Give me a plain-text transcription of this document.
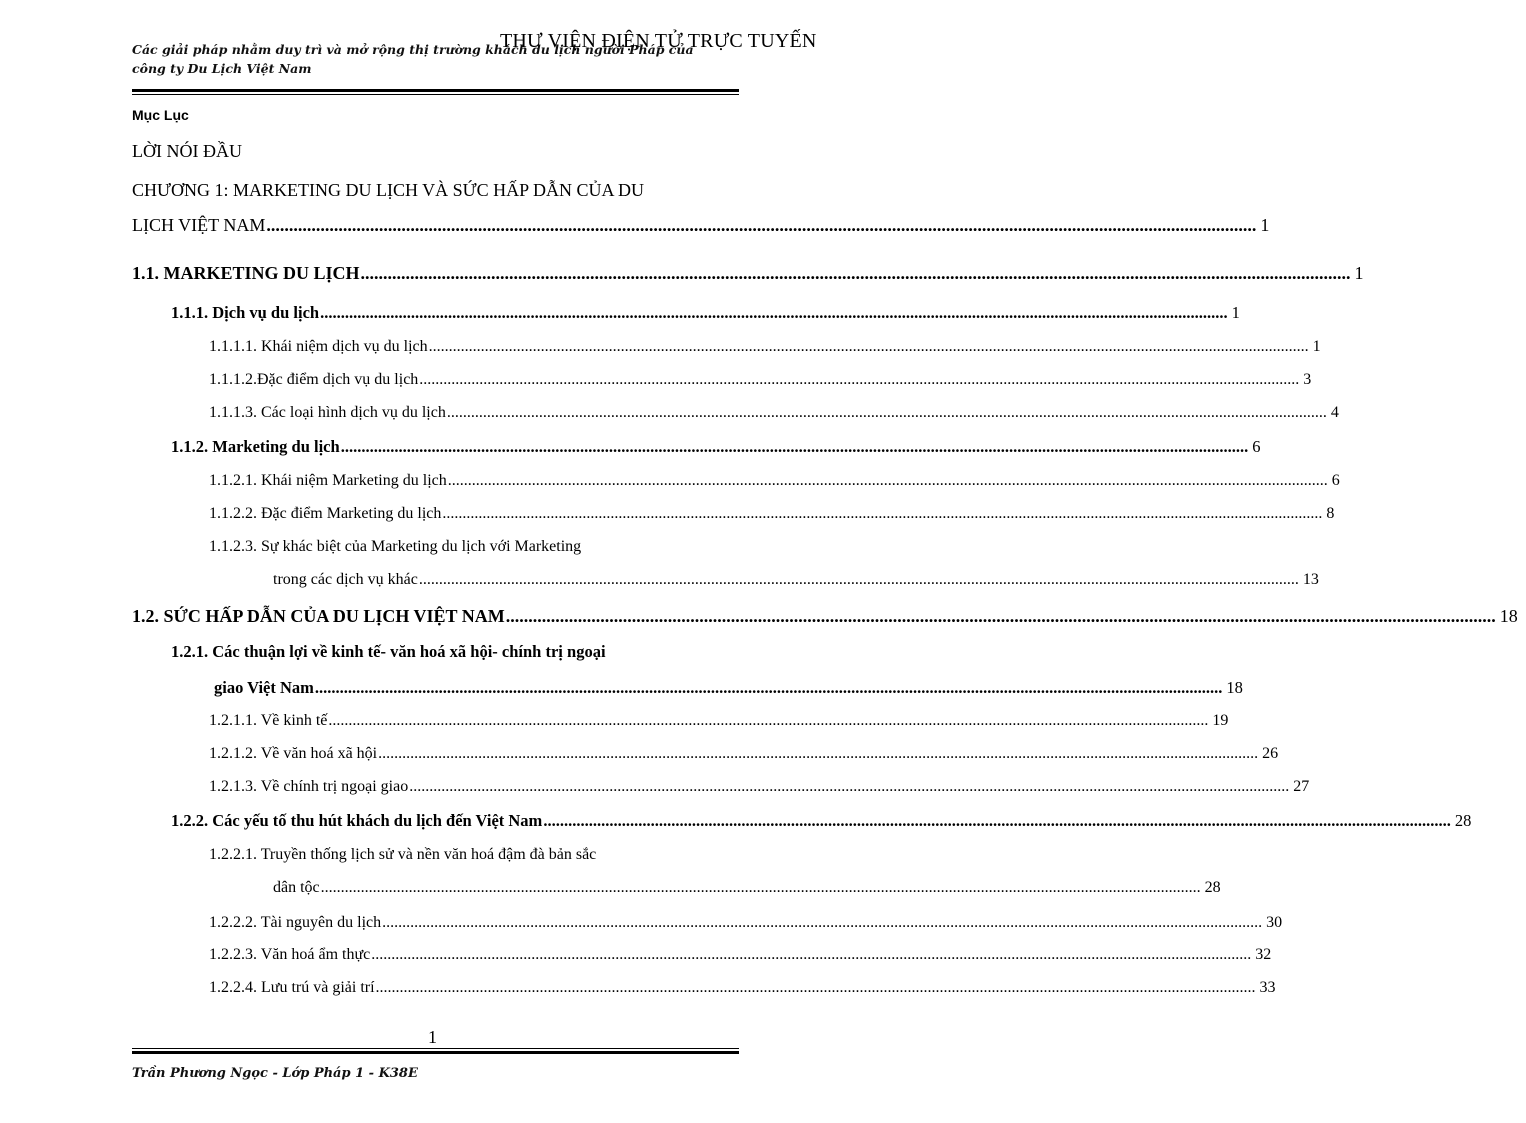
Các giải pháp nhằm duy trì và mở rộng thị trường khách du lịch người Pháp của
công ty Du Lịch Việt Nam
THƯ VIỆN ĐIỆN TỬ TRỰC TUYẾN
Mục Lục
LỜI NÓI ĐẦU
CHƯƠNG 1: MARKETING DU LỊCH VÀ SỨC HẤP DẪN CỦA DU
LỊCH VIỆT NAM ............................................................................................................................................................................................................................ 1
1.1. MARKETING DU LỊCH ............................................................................................................................................................................................................................ 1
1.1.1. Dịch vụ du lịch ............................................................................................................................................................................................................................ 1
1.1.1.1. Khái niệm dịch vụ du lịch ............................................................................................................................................................................................................................ 1
1.1.1.2.Đặc điểm dịch vụ du lịch ............................................................................................................................................................................................................................ 3
1.1.1.3. Các loại hình dịch vụ du lịch ............................................................................................................................................................................................................................ 4
1.1.2. Marketing du lịch ............................................................................................................................................................................................................................ 6
1.1.2.1. Khái niệm Marketing du lịch ............................................................................................................................................................................................................................ 6
1.1.2.2. Đặc điểm Marketing du lịch ............................................................................................................................................................................................................................ 8
1.1.2.3. Sự khác biệt của Marketing du lịch với Marketing
trong các dịch vụ khác ............................................................................................................................................................................................................................ 13
1.2. SỨC HẤP DẪN CỦA DU LỊCH VIỆT NAM ............................................................................................................................................................................................................................ 18
1.2.1. Các thuận lợi về kinh tế- văn hoá xã hội- chính trị ngoại
giao Việt Nam ............................................................................................................................................................................................................................ 18
1.2.1.1. Về kinh tế ............................................................................................................................................................................................................................ 19
1.2.1.2. Về văn hoá xã hội ............................................................................................................................................................................................................................ 26
1.2.1.3. Về chính trị ngoại giao ............................................................................................................................................................................................................................ 27
1.2.2. Các yếu tố thu hút khách du lịch đến Việt Nam ............................................................................................................................................................................................................................ 28
1.2.2.1. Truyền thống lịch sử và nền văn hoá đậm đà bản sắc
dân tộc ............................................................................................................................................................................................................................ 28
1.2.2.2. Tài nguyên du lịch ............................................................................................................................................................................................................................ 30
1.2.2.3. Văn hoá ẩm thực ............................................................................................................................................................................................................................ 32
1.2.2.4. Lưu trú và giải trí ............................................................................................................................................................................................................................ 33
1
Trần Phương Ngọc - Lớp Pháp 1 - K38E
